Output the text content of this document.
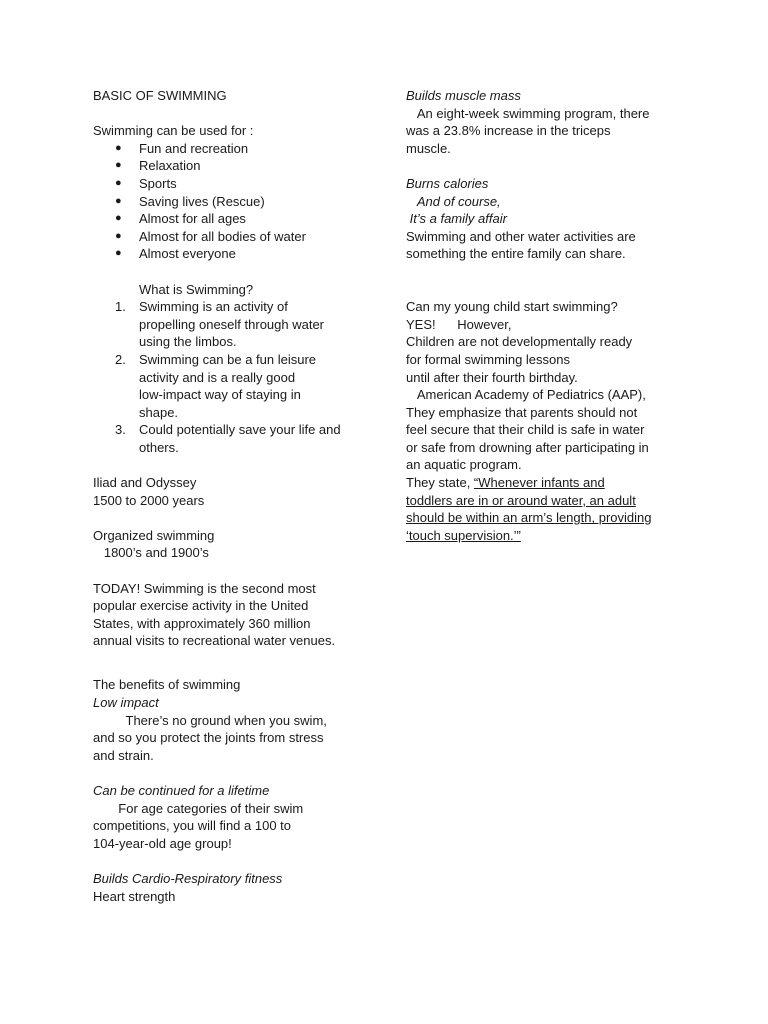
BASIC OF SWIMMING

Swimming can be used for :

● Fun and recreation
● Relaxation
● Sports
● Saving lives (Rescue)
● Almost for all ages
● Almost for all bodies of water
● Almost everyone

What is Swimming?

1. Swimming is an activity of
propelling oneself through water
using the limbos.
2. Swimming can be a fun leisure
activity and is a really good
low-impact way of staying in
shape.
3. Could potentially save your life and
others.

Iliad and Odyssey

1500 to 2000 years

Organized swimming

1800’s and 1900’s

TODAY! Swimming is the second most
popular exercise activity in the United
States, with approximately 360 million
annual visits to recreational water venues.

The benefits of swimming

Low impact

There’s no ground when you swim,
and so you protect the joints from stress
and strain.

Can be continued for a lifetime

For age categories of their swim
competitions, you will find a 100 to
104-year-old age group!

Builds Cardio-Respiratory fitness

Heart strength

Builds muscle mass

An eight-week swimming program, there
was a 23.8% increase in the triceps
muscle.

Burns calories

And of course,

It’s a family affair

Swimming and other water activities are
something the entire family can share.

Can my young child start swimming?

YES!      However,

Children are not developmentally ready
for formal swimming lessons
until after their fourth birthday.

American Academy of Pediatrics (AAP),
They emphasize that parents should not
feel secure that their child is safe in water
or safe from drowning after participating in
an aquatic program.

They state, “Whenever infants and

toddlers are in or around water, an adult
should be within an arm’s length, providing
‘touch supervision.’”
